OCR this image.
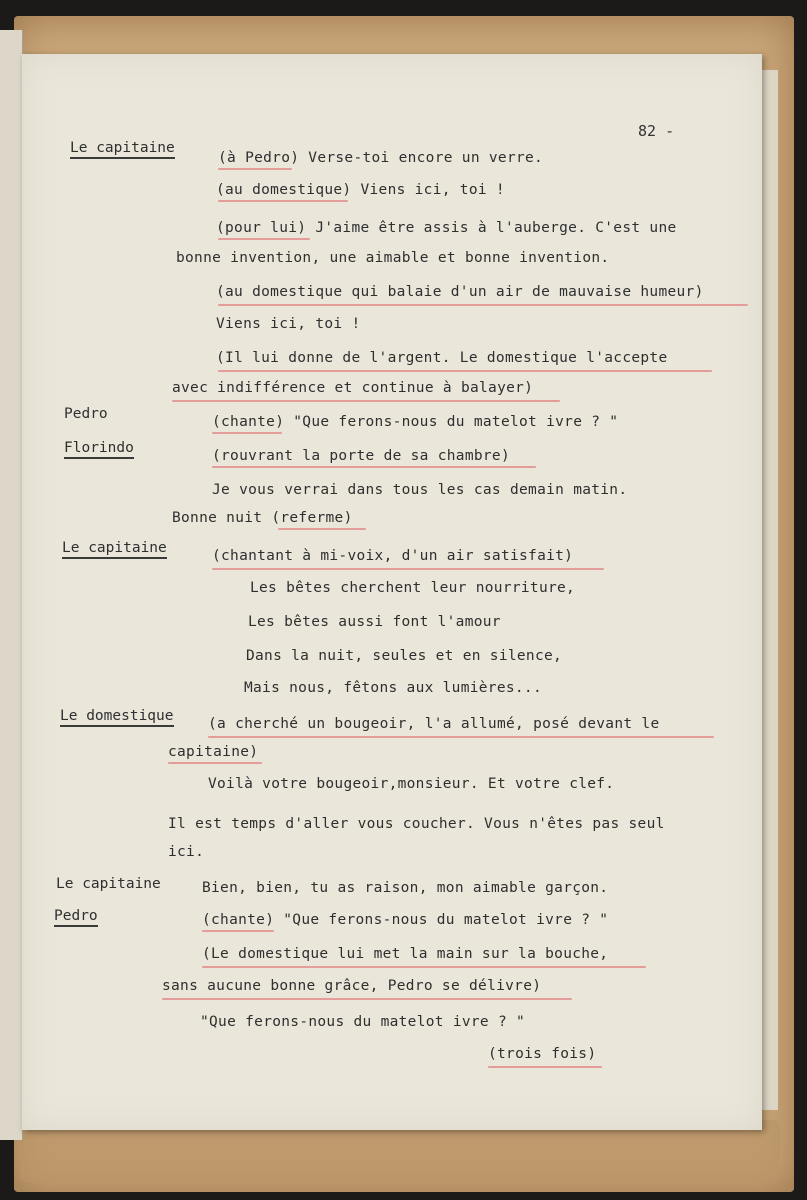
82 -
Le capitaine
(à Pedro) Verse-toi encore un verre.
(au domestique) Viens ici, toi !
(pour lui) J'aime être assis à l'auberge. C'est une
bonne invention, une aimable et bonne invention.
(au domestique qui balaie d'un air de mauvaise humeur)
Viens ici, toi !
(Il lui donne de l'argent. Le domestique l'accepte
avec indifférence et continue à balayer)
Pedro	(chante) "Que ferons-nous du matelot ivre ? "
Florindo	(rouvrant la porte de sa chambre)
Je vous verrai dans tous les cas demain matin.
Bonne nuit (referme)
Le capitaine	(chantant à mi-voix, d'un air satisfait)
Les bêtes cherchent leur nourriture,
Les bêtes aussi font l'amour
Dans la nuit, seules et en silence,
Mais nous, fêtons aux lumières...
Le domestique (a cherché un bougeoir, l'a allumé, posé devant le
capitaine)
Voilà votre bougeoir,monsieur. Et votre clef.
Il est temps d'aller vous coucher. Vous n'êtes pas seul
ici.
Le capitaine	Bien, bien, tu as raison, mon aimable garçon.
Pedro	(chante) "Que ferons-nous du matelot ivre ? "
(Le domestique lui met la main sur la bouche,
sans aucune bonne grâce, Pedro se délivre)
"Que ferons-nous du matelot ivre ? "
(trois fois)
